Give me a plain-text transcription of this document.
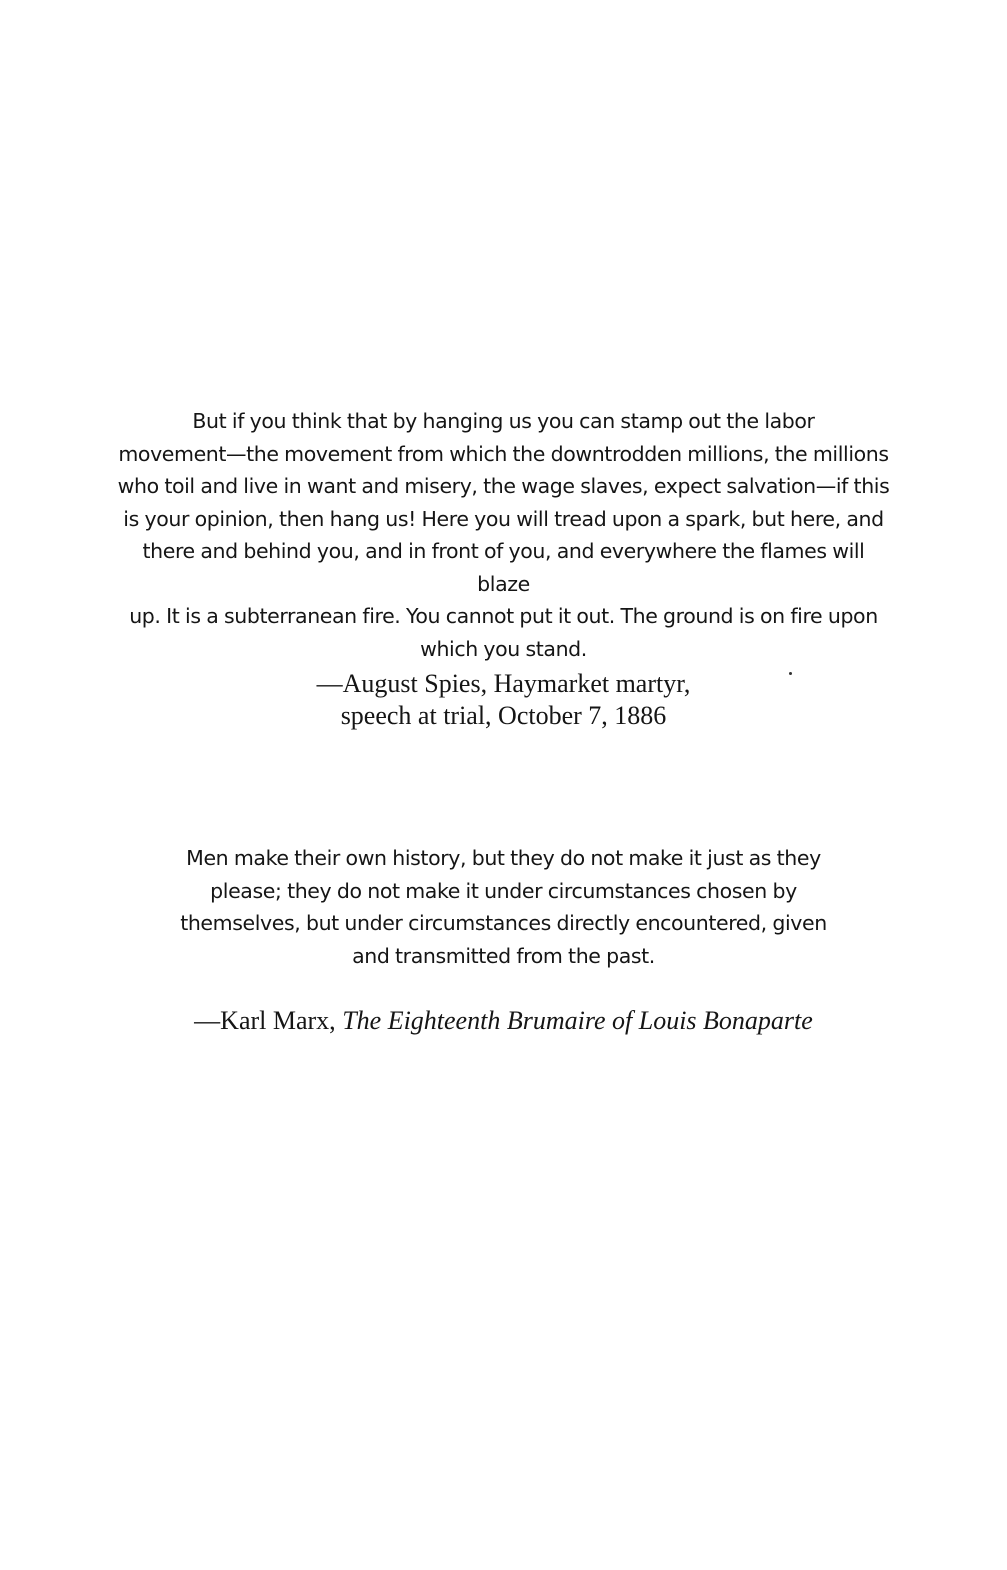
But if you think that by hanging us you can stamp out the labor
movement—the movement from which the downtrodden millions, the millions
who toil and live in want and misery, the wage slaves, expect salvation—if this
is your opinion, then hang us! Here you will tread upon a spark, but here, and
there and behind you, and in front of you, and everywhere the flames will blaze
up. It is a subterranean fire. You cannot put it out. The ground is on fire upon
which you stand.

—August Spies, Haymarket martyr,
speech at trial, October 7, 1886

Men make their own history, but they do not make it just as they
please; they do not make it under circumstances chosen by
themselves, but under circumstances directly encountered, given
and transmitted from the past.

—Karl Marx, The Eighteenth Brumaire of Louis Bonaparte
